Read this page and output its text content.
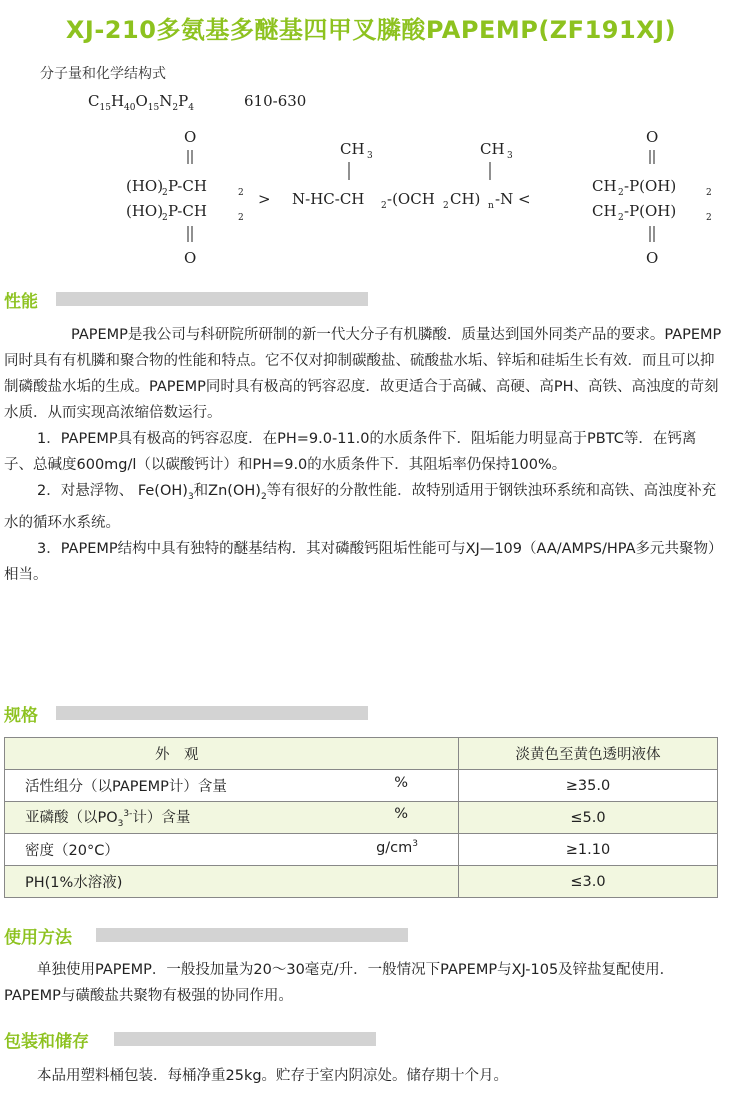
XJ-210多氨基多醚基四甲叉膦酸PAPEMP(ZF191XJ)
分子量和化学结构式
$C_{15}H_{40}O_{15}N_2P_4$	610-630
O
(HO)
2 P-CH	2
(HO)
2 P-CH	2
O
>
CH 3	CH 3
N-HC-CH 2 -(OCH 2 CH) n -N <
O
CH 2 -P(OH)	2
CH 2 -P(OH)	2
O
性能

PAPEMP是我公司与科研院所研制的新一代大分子有机膦酸．质量达到国外同类产品的要求。PAPEMP同时具有有机膦和聚合物的性能和特点。它不仅对抑制碳酸盐、硫酸盐水垢、锌垢和硅垢生长有效．而且可以抑制磷酸盐水垢的生成。PAPEMP同时具有极高的钙容忍度．故更适合于高碱、高硬、高PH、高铁、高浊度的苛刻水质．从而实现高浓缩倍数运行。

1．PAPEMP具有极高的钙容忍度．在PH=9.0-11.0的水质条件下．阻垢能力明显高于PBTC等．在钙离子、总碱度600mg/l（以碳酸钙计）和PH=9.0的水质条件下．其阻垢率仍保持100%。

2．对悬浮物、 $Fe(OH)_3$和$Zn(OH)_2$等有很好的分散性能．故特别适用于钢铁浊环系统和高铁、高浊度补充水的循环水系统。

3．PAPEMP结构中具有独特的醚基结构．其对磷酸钙阻垢性能可与XJ—109（AA/AMPS/HPA多元共聚物）相当。

规格
外　观	淡黄色至黄色透明液体
活性组分（以PAPEMP计）含量 %	≥35.0
亚磷酸（以$PO_3^{3-}$计）含量 %	≤5.0
密度（20°C） $g/cm^3$	≥1.10
PH(1%水溶液)	≤3.0
使用方法

单独使用PAPEMP．一般投加量为20～30毫克/升．一般情况下PAPEMP与XJ-105及锌盐复配使用．PAPEMP与磺酸盐共聚物有极强的协同作用。

包装和储存

本品用塑料桶包装．每桶净重25kg。贮存于室内阴凉处。储存期十个月。
